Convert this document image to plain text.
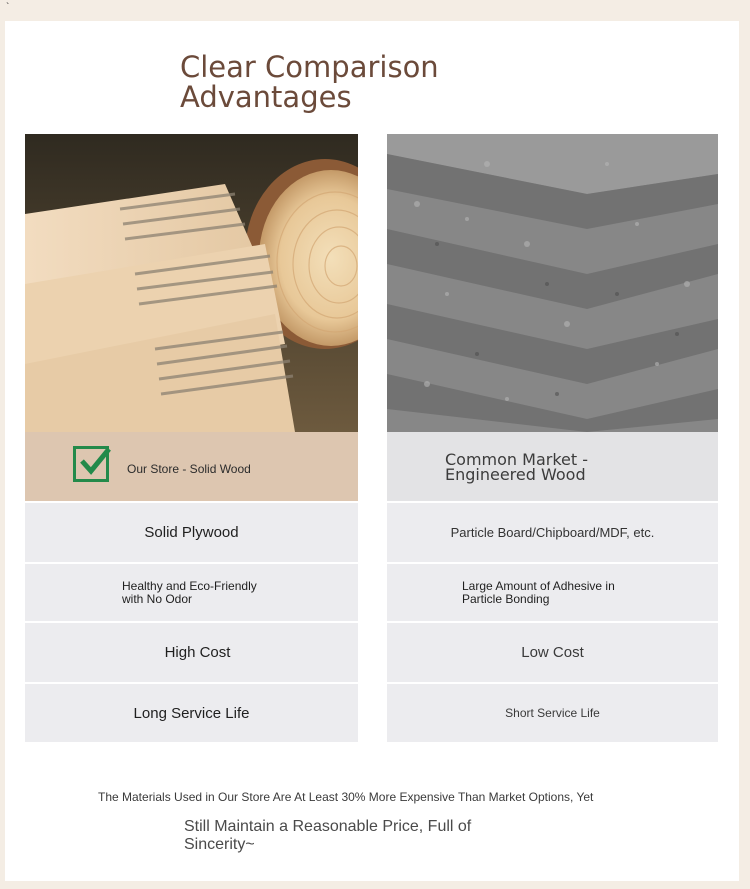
`
Clear Comparison
Advantages
Our Store - Solid Wood	Common Market -
Engineered Wood
Solid Plywood
Healthy and Eco-Friendly
with No Odor
High Cost
Long Service Life
Particle Board/Chipboard/MDF, etc.
Large Amount of Adhesive in
Particle Bonding
Low Cost
Short Service Life
The Materials Used in Our Store Are At Least 30% More Expensive Than Market Options, Yet
Still Maintain a Reasonable Price, Full of
Sincerity~
